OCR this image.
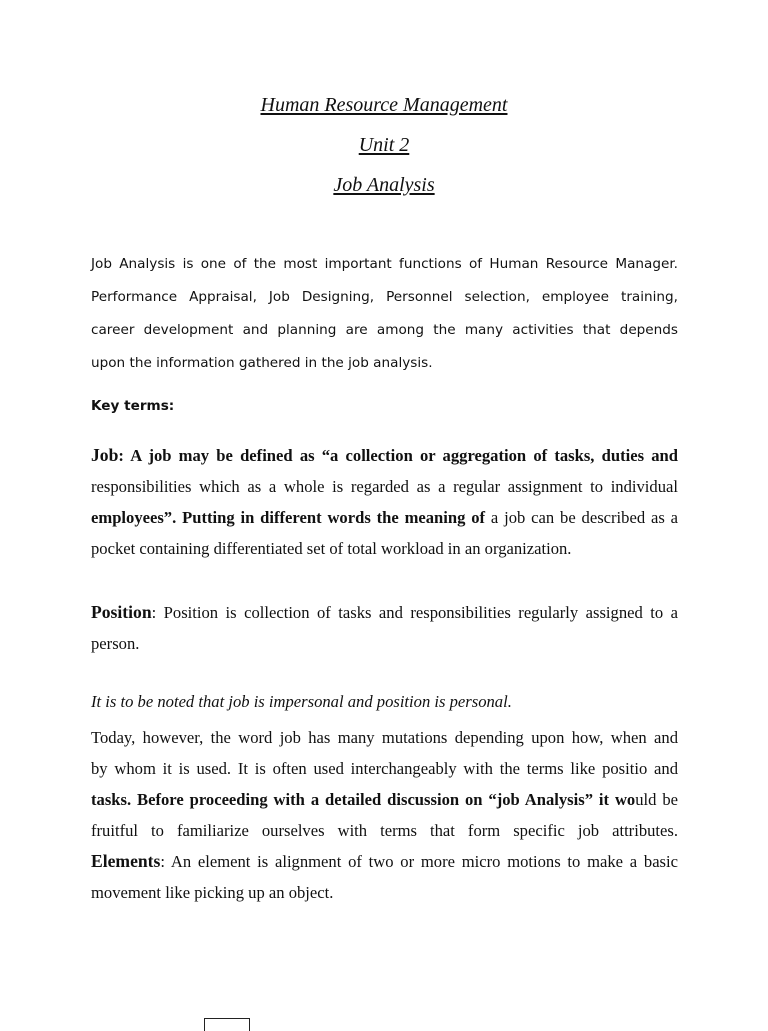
Human Resource Management
Unit 2
Job Analysis
Job Analysis is one of the most important functions of Human Resource Manager.
Performance Appraisal, Job Designing, Personnel selection, employee training,
career development and planning are among the many activities that depends
upon the information gathered in the job analysis.
Key terms:
Job: A job may be defined as “a collection or aggregation of tasks, duties and
responsibilities which as a whole is regarded as a regular assignment to individual
employees”. Putting in different words the meaning of a job can be described as a
pocket containing differentiated set of total workload in an organization.
Position: Position is collection of tasks and responsibilities regularly assigned to a
person.
It is to be noted that job is impersonal and position is personal.
Today, however, the word job has many mutations depending upon how, when and
by whom it is used. It is often used interchangeably with the terms like positio and
tasks. Before proceeding with a detailed discussion on “job Analysis” it would be
fruitful to familiarize ourselves with terms that form specific job attributes.
Elements: An element is alignment of two or more micro motions to make a basic
movement like picking up an object.
